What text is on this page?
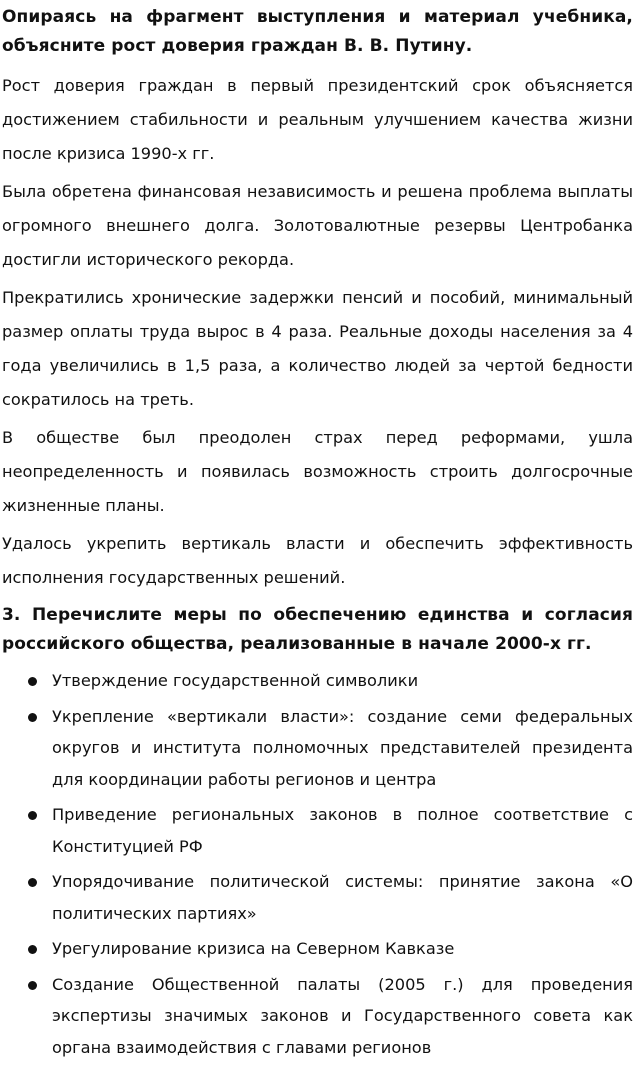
Опираясь на фрагмент выступления и материал учебника, объясните рост доверия граждан В. В. Путину.

Рост доверия граждан в первый президентский срок объясняется достижением стабильности и реальным улучшением качества жизни после кризиса 1990-х гг.

Была обретена финансовая независимость и решена проблема выплаты огромного внешнего долга. Золотовалютные резервы Центробанка достигли исторического рекорда.

Прекратились хронические задержки пенсий и пособий, минимальный размер оплаты труда вырос в 4 раза. Реальные доходы населения за 4 года увеличились в 1,5 раза, а количество людей за чертой бедности сократилось на треть.

В обществе был преодолен страх перед реформами, ушла неопределенность и появилась возможность строить долгосрочные жизненные планы.

Удалось укрепить вертикаль власти и обеспечить эффективность исполнения государственных решений.

3. Перечислите меры по обеспечению единства и согласия российского общества, реализованные в начале 2000-х гг.

Утверждение государственной символики
Укрепление «вертикали власти»: создание семи федеральных округов и института полномочных представителей президента для координации работы регионов и центра
Приведение региональных законов в полное соответствие с Конституцией РФ
Упорядочивание политической системы: принятие закона «О политических партиях»
Урегулирование кризиса на Северном Кавказе
Создание Общественной палаты (2005 г.) для проведения экспертизы значимых законов и Государственного совета как органа взаимодействия с главами регионов
